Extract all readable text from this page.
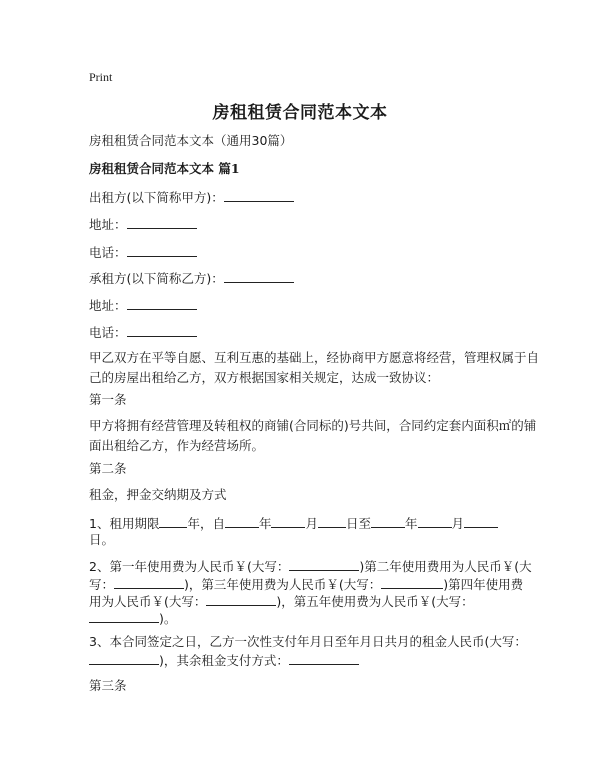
Print
房租租赁合同范本文本
房租租赁合同范本文本（通用30篇）
房租租赁合同范本文本 篇1
出租方(以下简称甲方)：
地址：
电话：
承租方(以下简称乙方)：
地址：
电话：
甲乙双方在平等自愿、互利互惠的基础上，经协商甲方愿意将经营，管理权属于自
己的房屋出租给乙方，双方根据国家相关规定，达成一致协议：
第一条
甲方将拥有经营管理及转租权的商铺(合同标的)号共间，合同约定套内面积㎡的铺
面出租给乙方，作为经营场所。
第二条
租金，押金交纳期及方式
1、租用期限 年，自	年	月 日至	年	月
日。
2、第一年使用费为人民币￥(大写：	)第二年使用费用为人民币￥(大
写：	)，第三年使用费为人民币￥(大写：	)第四年使用费
用为人民币￥(大写：	)，第五年使用费为人民币￥(大写：
)。
3、本合同签定之日，乙方一次性支付年月日至年月日共月的租金人民币(大写：
)，其余租金支付方式：
第三条
